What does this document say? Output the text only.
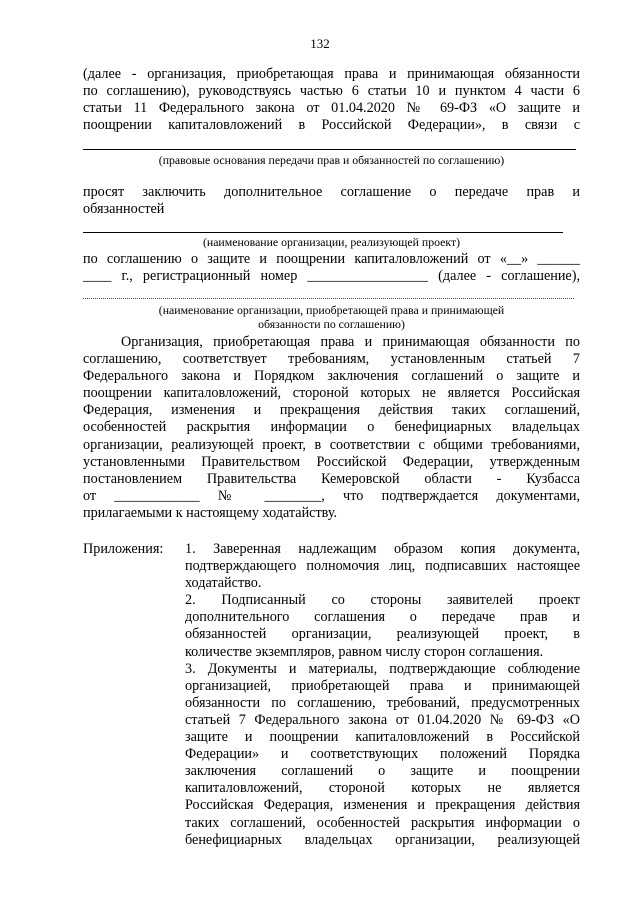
132
(далее - организация, приобретающая права и принимающая обязанности
по соглашению), руководствуясь частью 6 статьи 10 и пунктом 4 части 6
статьи 11 Федерального закона от 01.04.2020 № 69-ФЗ «О защите и
поощрении капиталовложений в Российской Федерации», в связи с
(правовые основания передачи прав и обязанностей по соглашению)
просят заключить дополнительное соглашение о передаче прав и
обязанностей
(наименование организации, реализующей проект)
по соглашению о защите и поощрении капиталовложений от «__» ______
____ г., регистрационный номер _________________ (далее - соглашение),
(наименование организации, приобретающей права и принимающей
обязанности по соглашению)
Организация, приобретающая права и принимающая обязанности по
соглашению, соответствует требованиям, установленным статьей 7
Федерального закона и Порядком заключения соглашений о защите и
поощрении капиталовложений, стороной которых не является Российская
Федерация, изменения и прекращения действия таких соглашений,
особенностей раскрытия информации о бенефициарных владельцах
организации, реализующей проект, в соответствии с общими требованиями,
установленными Правительством Российской Федерации, утвержденным
постановлением Правительства Кемеровской области - Кузбасса
от ____________ № ________, что подтверждается документами,
прилагаемыми к настоящему ходатайству.
Приложения: 1. Заверенная надлежащим образом копия документа,
подтверждающего полномочия лиц, подписавших настоящее
ходатайство.
2. Подписанный со стороны заявителей проект
дополнительного соглашения о передаче прав и
обязанностей организации, реализующей проект, в
количестве экземпляров, равном числу сторон соглашения.
3. Документы и материалы, подтверждающие соблюдение
организацией, приобретающей права и принимающей
обязанности по соглашению, требований, предусмотренных
статьей 7 Федерального закона от 01.04.2020 № 69-ФЗ «О
защите и поощрении капиталовложений в Российской
Федерации» и соответствующих положений Порядка
заключения соглашений о защите и поощрении
капиталовложений, стороной которых не является
Российская Федерация, изменения и прекращения действия
таких соглашений, особенностей раскрытия информации о
бенефициарных владельцах организации, реализующей
